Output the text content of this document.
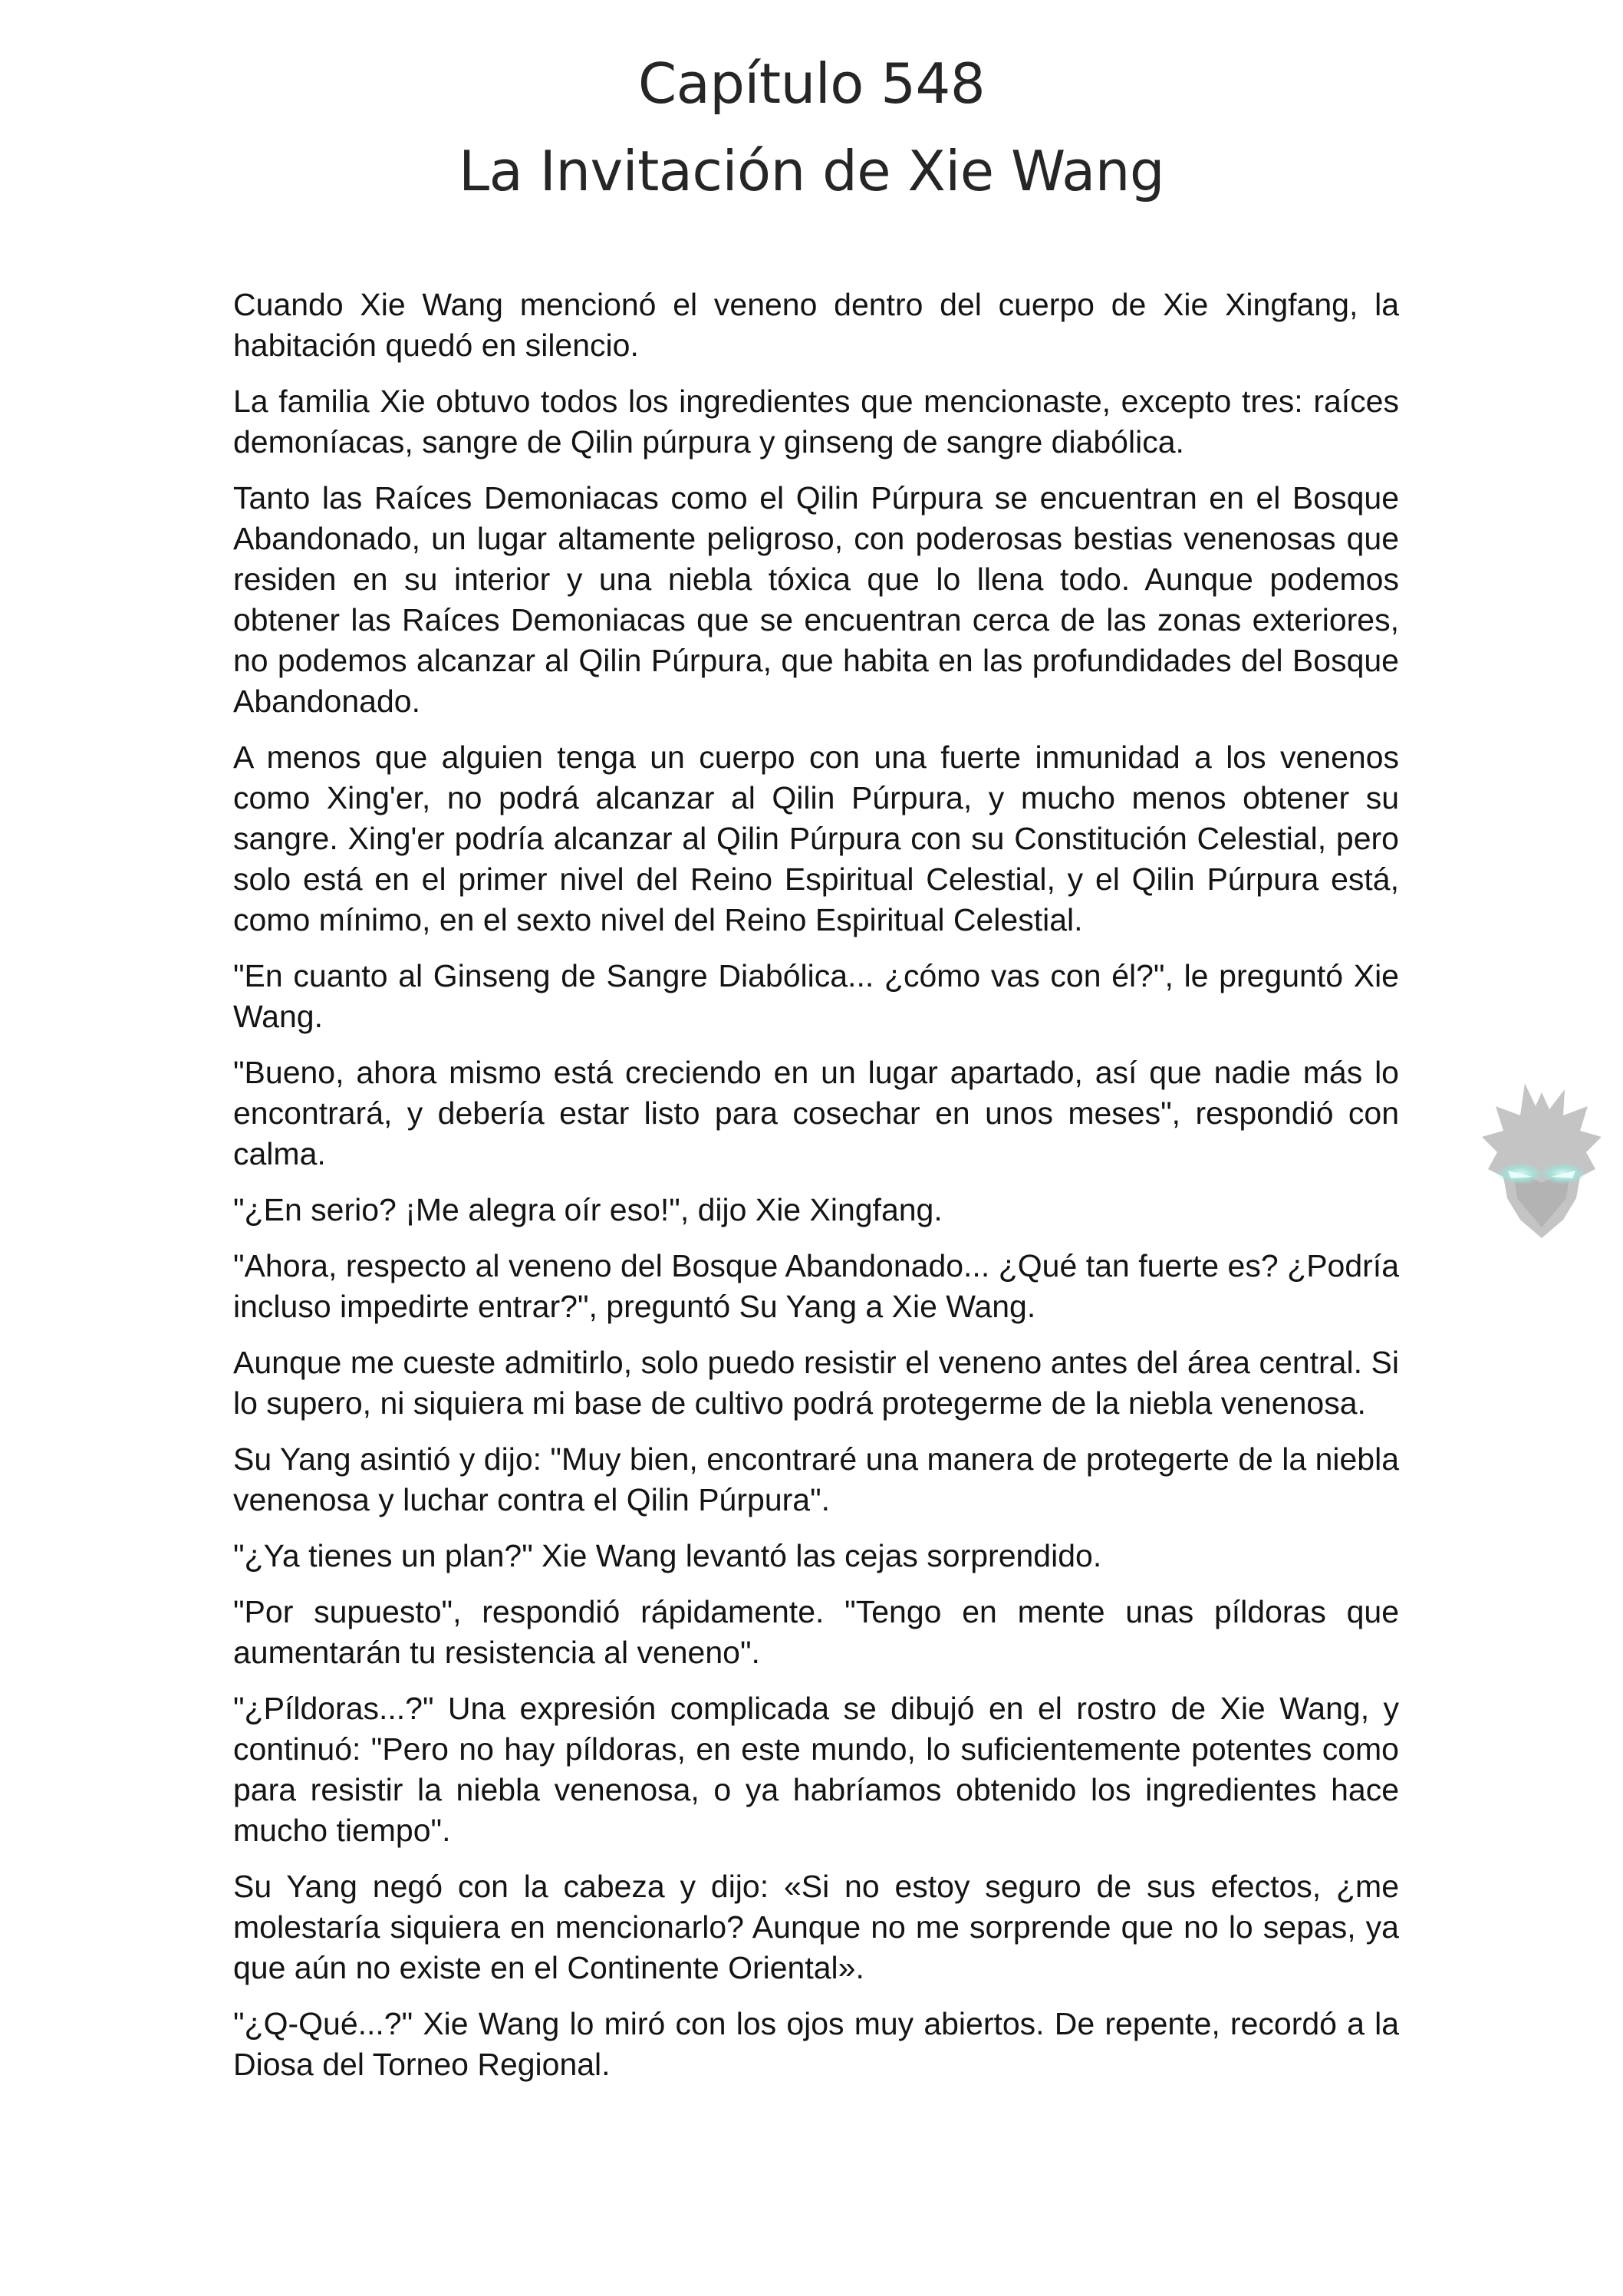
Capítulo 548
La Invitación de Xie Wang

Cuando Xie Wang mencionó el veneno dentro del cuerpo de Xie Xingfang, la habitación quedó en silencio.

La familia Xie obtuvo todos los ingredientes que mencionaste, excepto tres: raíces demoníacas, sangre de Qilin púrpura y ginseng de sangre diabólica.

Tanto las Raíces Demoniacas como el Qilin Púrpura se encuentran en el Bosque Abandonado, un lugar altamente peligroso, con poderosas bestias venenosas que residen en su interior y una niebla tóxica que lo llena todo. Aunque podemos obtener las Raíces Demoniacas que se encuentran cerca de las zonas exteriores, no podemos alcanzar al Qilin Púrpura, que habita en las profundidades del Bosque Abandonado.

A menos que alguien tenga un cuerpo con una fuerte inmunidad a los venenos como Xing'er, no podrá alcanzar al Qilin Púrpura, y mucho menos obtener su sangre. Xing'er podría alcanzar al Qilin Púrpura con su Constitución Celestial, pero solo está en el primer nivel del Reino Espiritual Celestial, y el Qilin Púrpura está, como mínimo, en el sexto nivel del Reino Espiritual Celestial.

"En cuanto al Ginseng de Sangre Diabólica... ¿cómo vas con él?", le preguntó Xie Wang.

"Bueno, ahora mismo está creciendo en un lugar apartado, así que nadie más lo encontrará, y debería estar listo para cosechar en unos meses", respondió con calma.

"¿En serio? ¡Me alegra oír eso!", dijo Xie Xingfang.

"Ahora, respecto al veneno del Bosque Abandonado... ¿Qué tan fuerte es? ¿Podría incluso impedirte entrar?", preguntó Su Yang a Xie Wang.

Aunque me cueste admitirlo, solo puedo resistir el veneno antes del área central. Si lo supero, ni siquiera mi base de cultivo podrá protegerme de la niebla venenosa.

Su Yang asintió y dijo: "Muy bien, encontraré una manera de protegerte de la niebla venenosa y luchar contra el Qilin Púrpura".

"¿Ya tienes un plan?" Xie Wang levantó las cejas sorprendido.

"Por supuesto", respondió rápidamente. "Tengo en mente unas píldoras que aumentarán tu resistencia al veneno".

"¿Píldoras...?" Una expresión complicada se dibujó en el rostro de Xie Wang, y continuó: "Pero no hay píldoras, en este mundo, lo suficientemente potentes como para resistir la niebla venenosa, o ya habríamos obtenido los ingredientes hace mucho tiempo".

Su Yang negó con la cabeza y dijo: «Si no estoy seguro de sus efectos, ¿me molestaría siquiera en mencionarlo? Aunque no me sorprende que no lo sepas, ya que aún no existe en el Continente Oriental».

"¿Q-Qué...?" Xie Wang lo miró con los ojos muy abiertos. De repente, recordó a la Diosa del Torneo Regional.
